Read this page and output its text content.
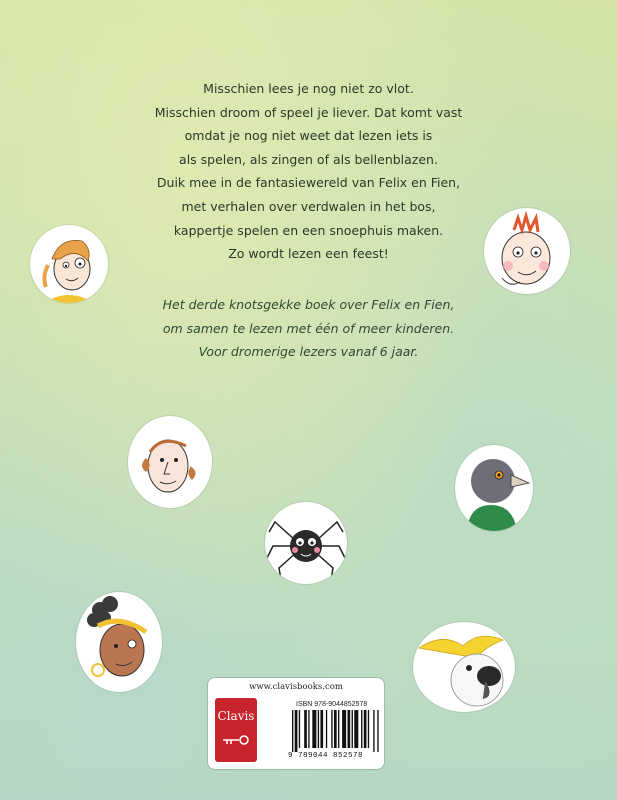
Misschien lees je nog niet zo vlot.

Misschien droom of speel je liever. Dat komt vast

omdat je nog niet weet dat lezen iets is

als spelen, als zingen of als bellenblazen.

Duik mee in de fantasiewereld van Felix en Fien,

met verhalen over verdwalen in het bos,

kappertje spelen en een snoephuis maken.

Zo wordt lezen een feest!

Het derde knotsgekke boek over Felix en Fien,

om samen te lezen met één of meer kinderen.

Voor dromerige lezers vanaf 6 jaar.

www.clavisbooks.com
Clavis
ISBN 978-9044852578
9 789044 852578
